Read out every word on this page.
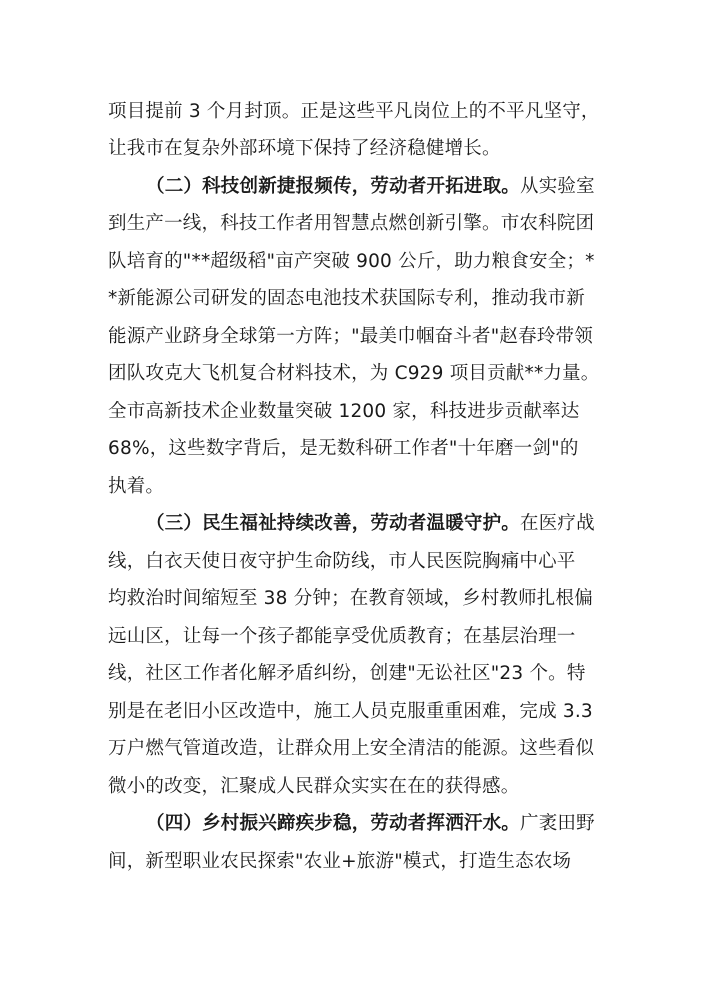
项目提前 3 个月封顶。正是这些平凡岗位上的不平凡坚守，
让我市在复杂外部环境下保持了经济稳健增长。
（二）科技创新捷报频传，劳动者开拓进取。从实验室
到生产一线，科技工作者用智慧点燃创新引擎。市农科院团
队培育的"**超级稻"亩产突破 900 公斤，助力粮食安全；*
*新能源公司研发的固态电池技术获国际专利，推动我市新
能源产业跻身全球第一方阵；"最美巾帼奋斗者"赵春玲带领
团队攻克大飞机复合材料技术，为 C929 项目贡献**力量。
全市高新技术企业数量突破 1200 家，科技进步贡献率达
68%，这些数字背后，是无数科研工作者"十年磨一剑"的
执着。
（三）民生福祉持续改善，劳动者温暖守护。在医疗战
线，白衣天使日夜守护生命防线，市人民医院胸痛中心平
均救治时间缩短至 38 分钟；在教育领域，乡村教师扎根偏
远山区，让每一个孩子都能享受优质教育；在基层治理一
线，社区工作者化解矛盾纠纷，创建"无讼社区"23 个。特
别是在老旧小区改造中，施工人员克服重重困难，完成 3.3
万户燃气管道改造，让群众用上安全清洁的能源。这些看似
微小的改变，汇聚成人民群众实实在在的获得感。
（四）乡村振兴蹄疾步稳，劳动者挥洒汗水。广袤田野
间，新型职业农民探索"农业+旅游"模式，打造生态农场
